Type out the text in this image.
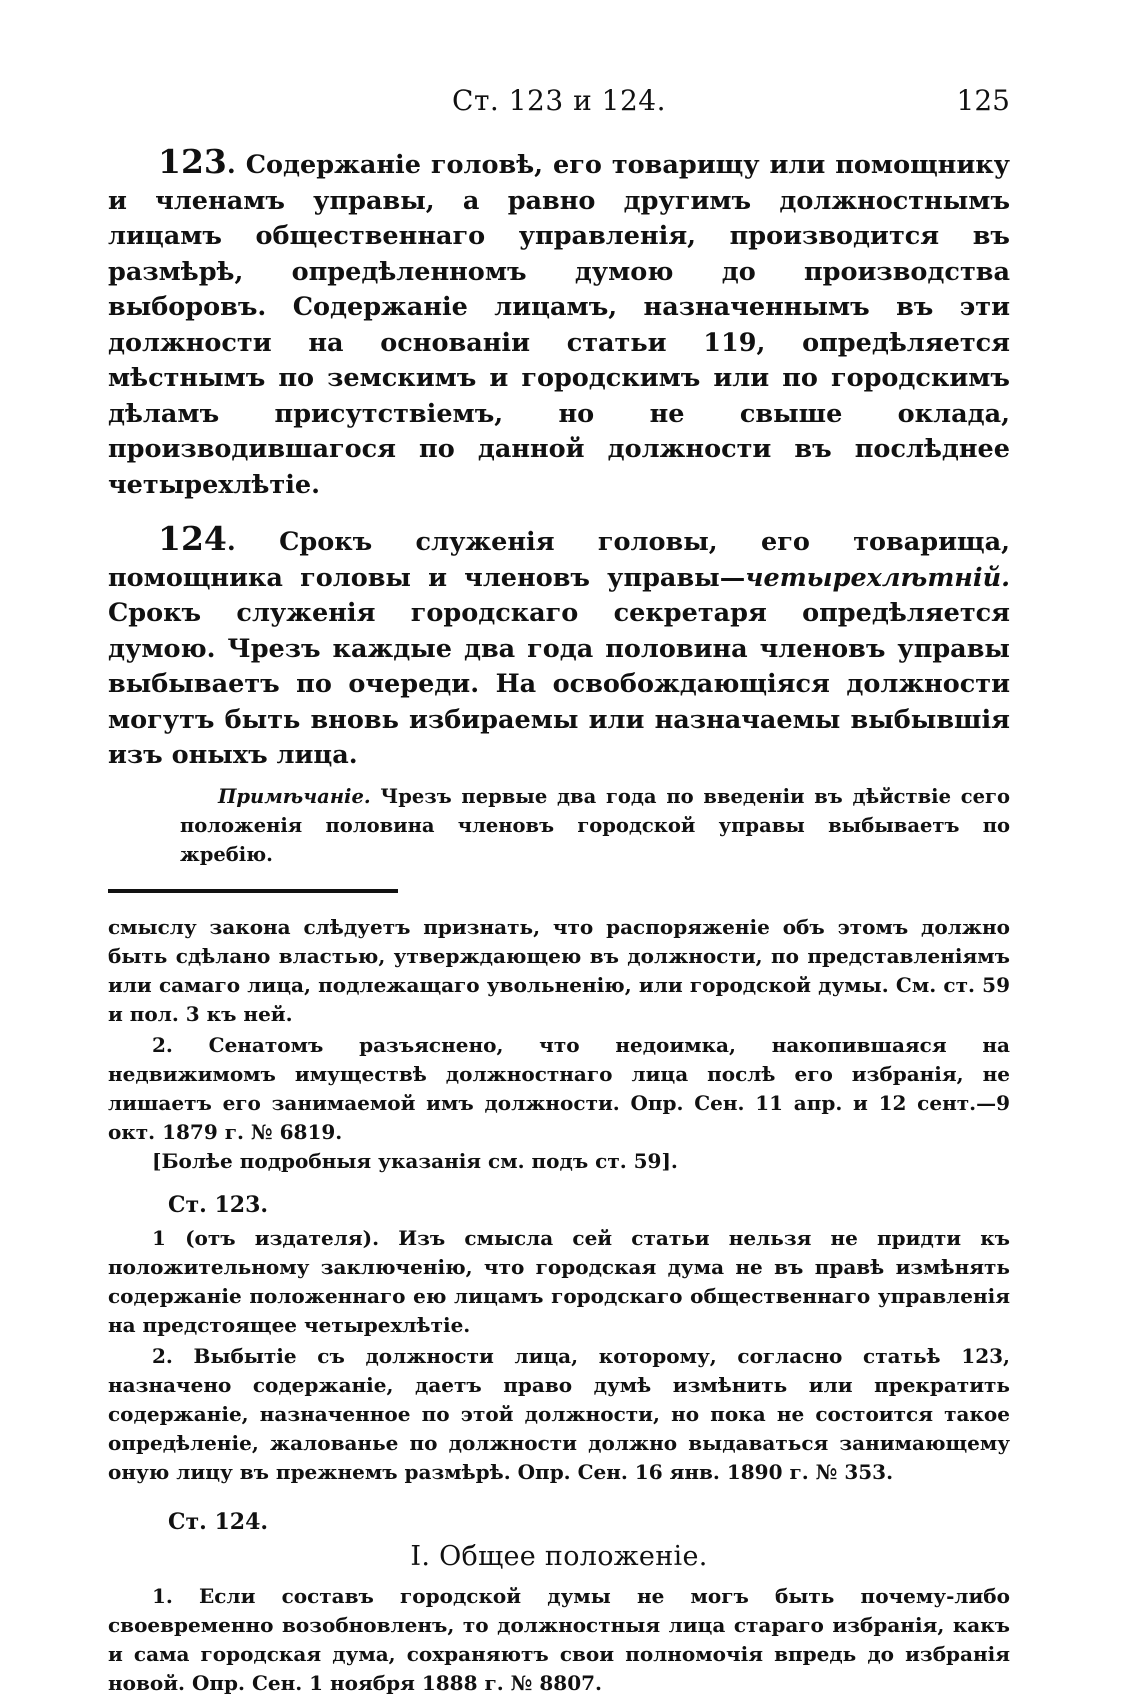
Ст. 123 и 124.	125

123. Содержаніе головѣ, его товарищу или помощнику и членамъ управы, а равно другимъ должностнымъ лицамъ общественнаго управленія, производится въ размѣрѣ, опредѣленномъ думою до производства выборовъ. Содержаніе лицамъ, назначеннымъ въ эти должности на основаніи статьи 119, опредѣляется мѣстнымъ по земскимъ и городскимъ или по городскимъ дѣламъ присутствіемъ, но не свыше оклада, производившагося по данной должности въ послѣднее четырехлѣтіе.

124. Срокъ служенія головы, его товарища, помощника головы и членовъ управы—четырехлѣтній. Срокъ служенія городскаго секретаря опредѣляется думою. Чрезъ каждые два года половина членовъ управы выбываетъ по очереди. На освобождающіяся должности могутъ быть вновь избираемы или назначаемы выбывшія изъ оныхъ лица.

Примѣчаніе. Чрезъ первые два года по введеніи въ дѣйствіе сего положенія половина членовъ городской управы выбываетъ по жребію.

смыслу закона слѣдуетъ признать, что распоряженіе объ этомъ должно быть сдѣлано властью, утверждающею въ должности, по представленіямъ или самаго лица, подлежащаго увольненію, или городской думы. См. ст. 59 и пол. 3 къ ней.

2. Сенатомъ разъяснено, что недоимка, накопившаяся на недвижимомъ имуществѣ должностнаго лица послѣ его избранія, не лишаетъ его занимаемой имъ должности. Опр. Сен. 11 апр. и 12 сент.—9 окт. 1879 г. № 6819.

[Болѣе подробныя указанія см. подъ ст. 59].

Ст. 123.

1 (отъ издателя). Изъ смысла сей статьи нельзя не придти къ положительному заключенію, что городская дума не въ правѣ измѣнять содержаніе положеннаго ею лицамъ городскаго общественнаго управленія на предстоящее четырехлѣтіе.

2. Выбытіе съ должности лица, которому, согласно статьѣ 123, назначено содержаніе, даетъ право думѣ измѣнить или прекратить содержаніе, назначенное по этой должности, но пока не состоится такое опредѣленіе, жалованье по должности должно выдаваться занимающему оную лицу въ прежнемъ размѣрѣ. Опр. Сен. 16 янв. 1890 г. № 353.

Ст. 124.
I. Общее положеніе.

1. Если составъ городской думы не могъ быть почему-либо своевременно возобновленъ, то должностныя лица стараго избранія, какъ и сама городская дума, сохраняютъ свои полномочія впредь до избранія новой. Опр. Сен. 1 ноября 1888 г. № 8807.
